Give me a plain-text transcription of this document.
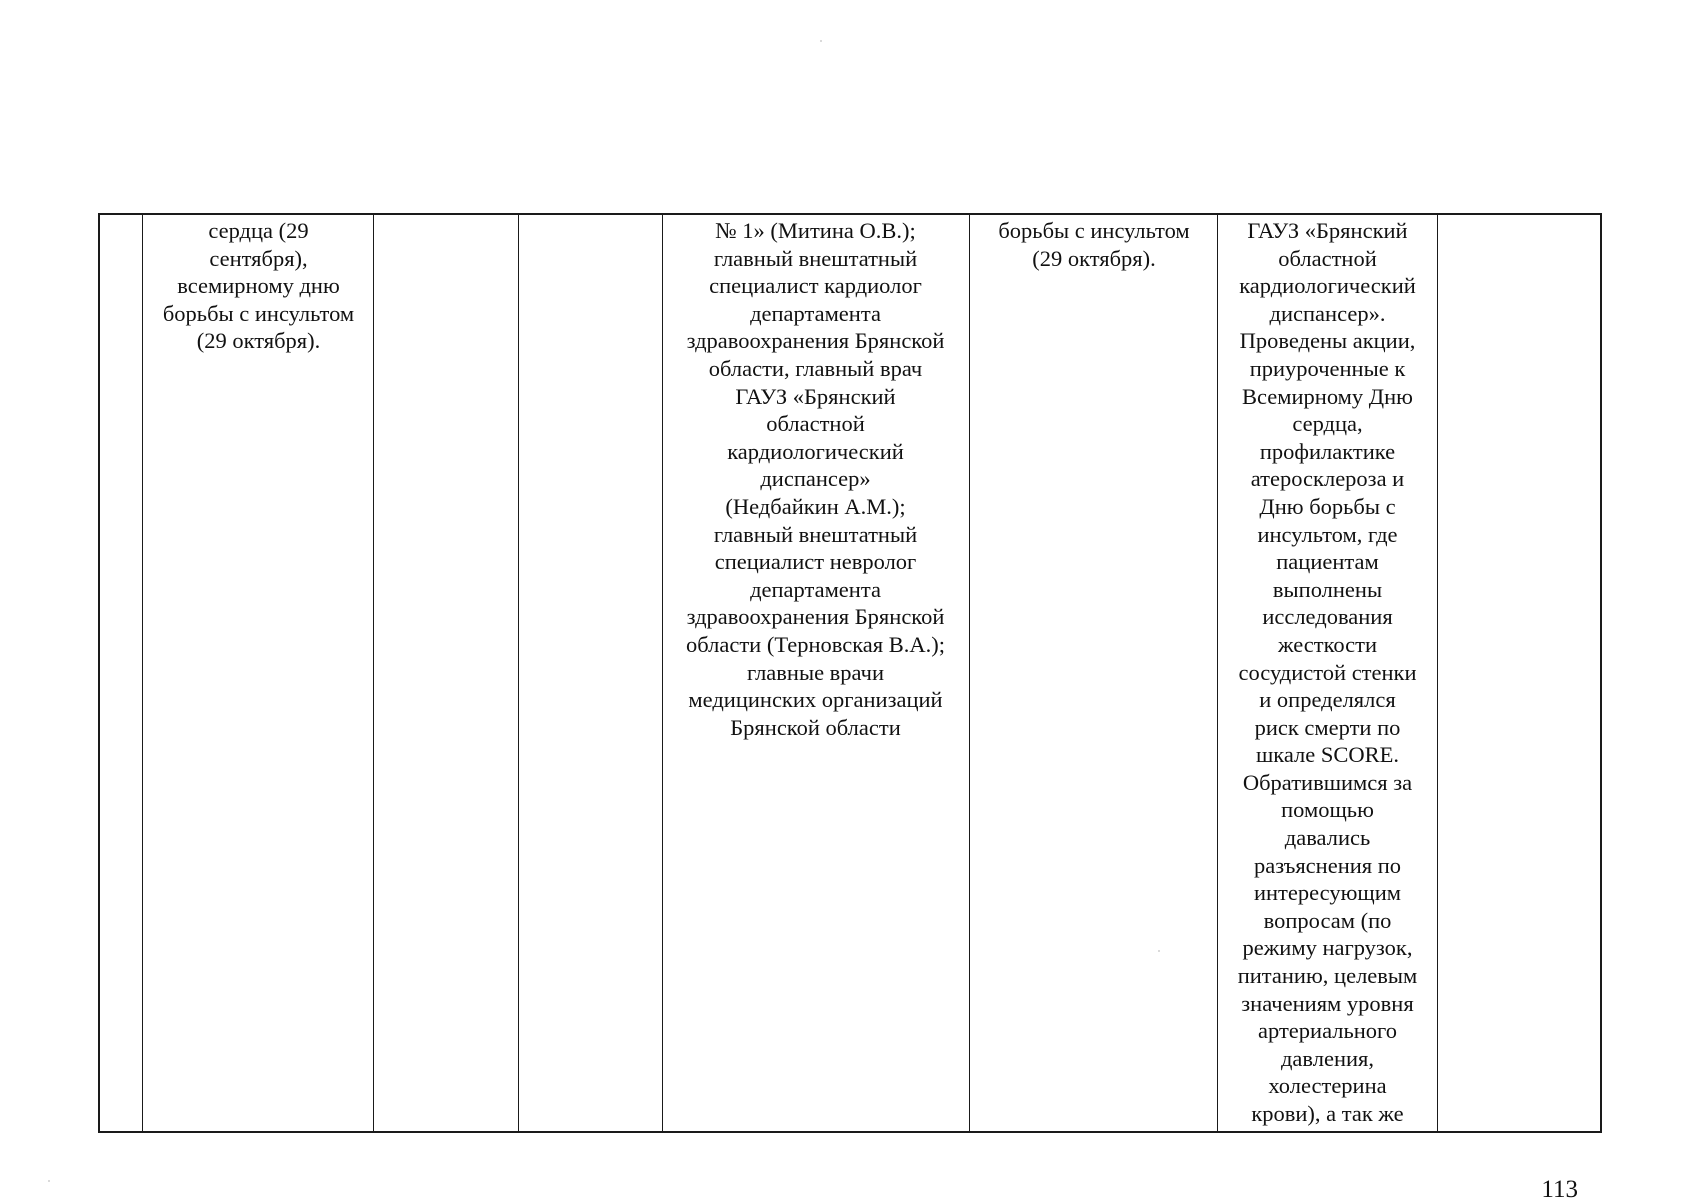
сердца (29
сентября),
всемирному дню
борьбы с инсультом
(29 октября).
№ 1» (Митина О.В.);
главный внештатный
специалист кардиолог
департамента
здравоохранения Брянской
области, главный врач
ГАУЗ «Брянский
областной
кардиологический
диспансер»
(Недбайкин А.М.);
главный внештатный
специалист невролог
департамента
здравоохранения Брянской
области (Терновская В.А.);
главные врачи
медицинских организаций
Брянской области
борьбы с инсультом
(29 октября).
ГАУЗ «Брянский
областной
кардиологический
диспансер».
Проведены акции,
приуроченные к
Всемирному Дню
сердца,
профилактике
атеросклероза и
Дню борьбы с
инсультом, где
пациентам
выполнены
исследования
жесткости
сосудистой стенки
и определялся
риск смерти по
шкале SCORE.
Обратившимся за
помощью
давались
разъяснения по
интересующим
вопросам (по
режиму нагрузок,
питанию, целевым
значениям уровня
артериального
давления,
холестерина
крови), а так же
113
